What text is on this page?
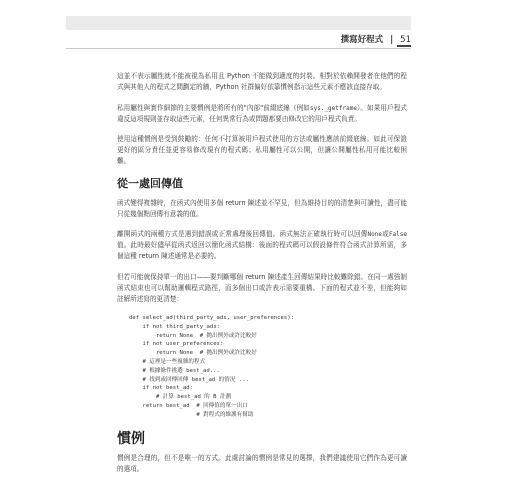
撰寫好程式 | 51

這並不表示屬性就不能被視為私用且 Python 不能做到適度的封裝。相對於依賴開發者在他們的程式與其他人的程式之間劃定的牆，Python 社群偏好依靠慣例指示這些元素不應該直接存取。

私用屬性與實作細節的主要慣例是將所有的"內部"前綴底線（例如sys._getframe）。如果用戶程式違反這項規則並存取這些元素，任何異常行為或問題都要由修改它的用戶程式負責。

使用這種慣例是受到鼓勵的：任何不打算被用戶程式使用的方法或屬性應該前綴底線。如此可保證更好的區分責任並更容易修改現有的程式碼；私用屬性可以公開，但讓公開屬性私用可能比較困難。

從一處回傳值

函式變得複雜時，在函式內使用多個 return 陳述並不罕見，但為維持目的的清楚與可讀性，盡可能只從幾個點回傳有意義的值。

離開函式的兩種方式是遇到錯誤或正常處理後回傳值。函式無法正確執行時可以回傳None或False值。此時最好儘早從函式返回以簡化函式結構：後面的程式碼可以假設條件符合函式計算所需，多個這種 return 陳述通常是必要的。

但若可能就保持單一的出口——要判斷哪個 return 陳述產生回傳結果時比較難除錯。在同一處強制函式結束也可以幫助邏輯程式路徑，而多個出口或許表示需要重構。下面的程式並不差，但能夠如註解所述寫的更清楚：

def select_ad(third_party_ads, user_preferences):
if not third_party_ads:
return None  # 拋出例外或許比較好
if not user_preferences:
return None  # 拋出例外或許比較好
# 這裡是一些複雜的程式
# 根據條件挑選 best_ad...
# 找到或回傳回傳 best_ad 的情況 ...
if not best_ad:
# 計算 best_ad 的 B 計劃
return best_ad  # 回傳值的單一出口
# 對程式的維護有幫助
慣例

慣例是合理的，但不是唯一的方式。此處討論的慣例是常見的選擇，我們建議使用它們作為更可讀的選項。
